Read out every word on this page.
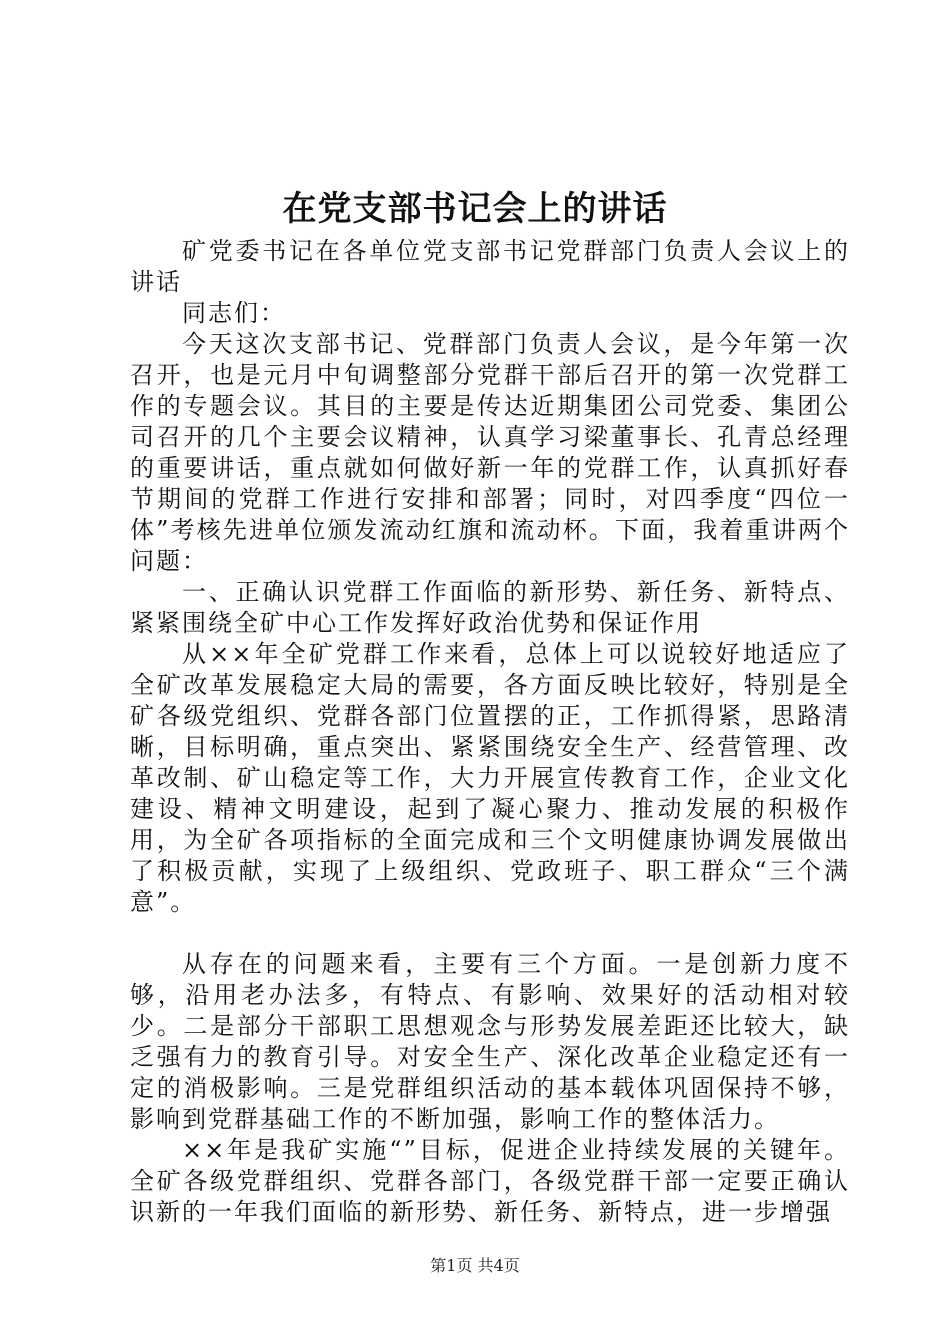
在党支部书记会上的讲话

矿党委书记在各单位党支部书记党群部门负责人会议上的讲话

同志们：

今天这次支部书记、党群部门负责人会议，是今年第一次召开，也是元月中旬调整部分党群干部后召开的第一次党群工作的专题会议。其目的主要是传达近期集团公司党委、集团公司召开的几个主要会议精神，认真学习梁董事长、孔青总经理的重要讲话，重点就如何做好新一年的党群工作，认真抓好春节期间的党群工作进行安排和部署；同时，对四季度“四位一体”考核先进单位颁发流动红旗和流动杯。下面，我着重讲两个问题：

一、正确认识党群工作面临的新形势、新任务、新特点、紧紧围绕全矿中心工作发挥好政治优势和保证作用

从××年全矿党群工作来看，总体上可以说较好地适应了全矿改革发展稳定大局的需要，各方面反映比较好，特别是全矿各级党组织、党群各部门位置摆的正，工作抓得紧，思路清晰，目标明确，重点突出、紧紧围绕安全生产、经营管理、改革改制、矿山稳定等工作，大力开展宣传教育工作，企业文化建设、精神文明建设，起到了凝心聚力、推动发展的积极作用，为全矿各项指标的全面完成和三个文明健康协调发展做出了积极贡献，实现了上级组织、党政班子、职工群众“三个满意”。

从存在的问题来看，主要有三个方面。一是创新力度不够，沿用老办法多，有特点、有影响、效果好的活动相对较少。二是部分干部职工思想观念与形势发展差距还比较大，缺乏强有力的教育引导。对安全生产、深化改革企业稳定还有一定的消极影响。三是党群组织活动的基本载体巩固保持不够，影响到党群基础工作的不断加强，影响工作的整体活力。

××年是我矿实施“”目标，促进企业持续发展的关键年。全矿各级党群组织、党群各部门，各级党群干部一定要正确认识新的一年我们面临的新形势、新任务、新特点，进一步增强

第1页 共4页
